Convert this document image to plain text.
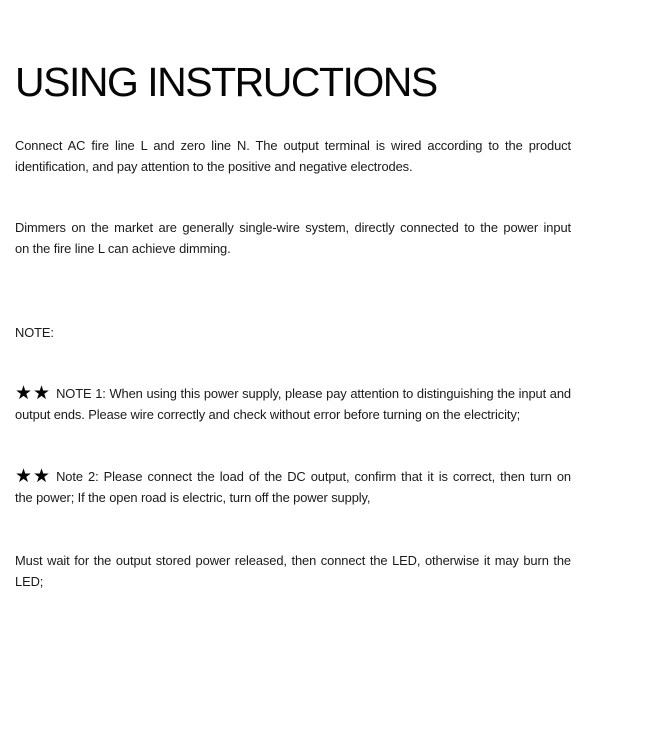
USING INSTRUCTIONS
Connect AC fire line L and zero line N. The output terminal is wired according to the product
identification, and pay attention to the positive and negative electrodes.
Dimmers on the market are generally single-wire system, directly connected to the power input
on the fire line L can achieve dimming.
NOTE:
★★ NOTE 1: When using this power supply, please pay attention to distinguishing the input and
output ends. Please wire correctly and check without error before turning on the electricity;
★★ Note 2: Please connect the load of the DC output, confirm that it is correct, then turn on
the power; If the open road is electric, turn off the power supply,
Must wait for the output stored power released, then connect the LED, otherwise it may burn the
LED;
